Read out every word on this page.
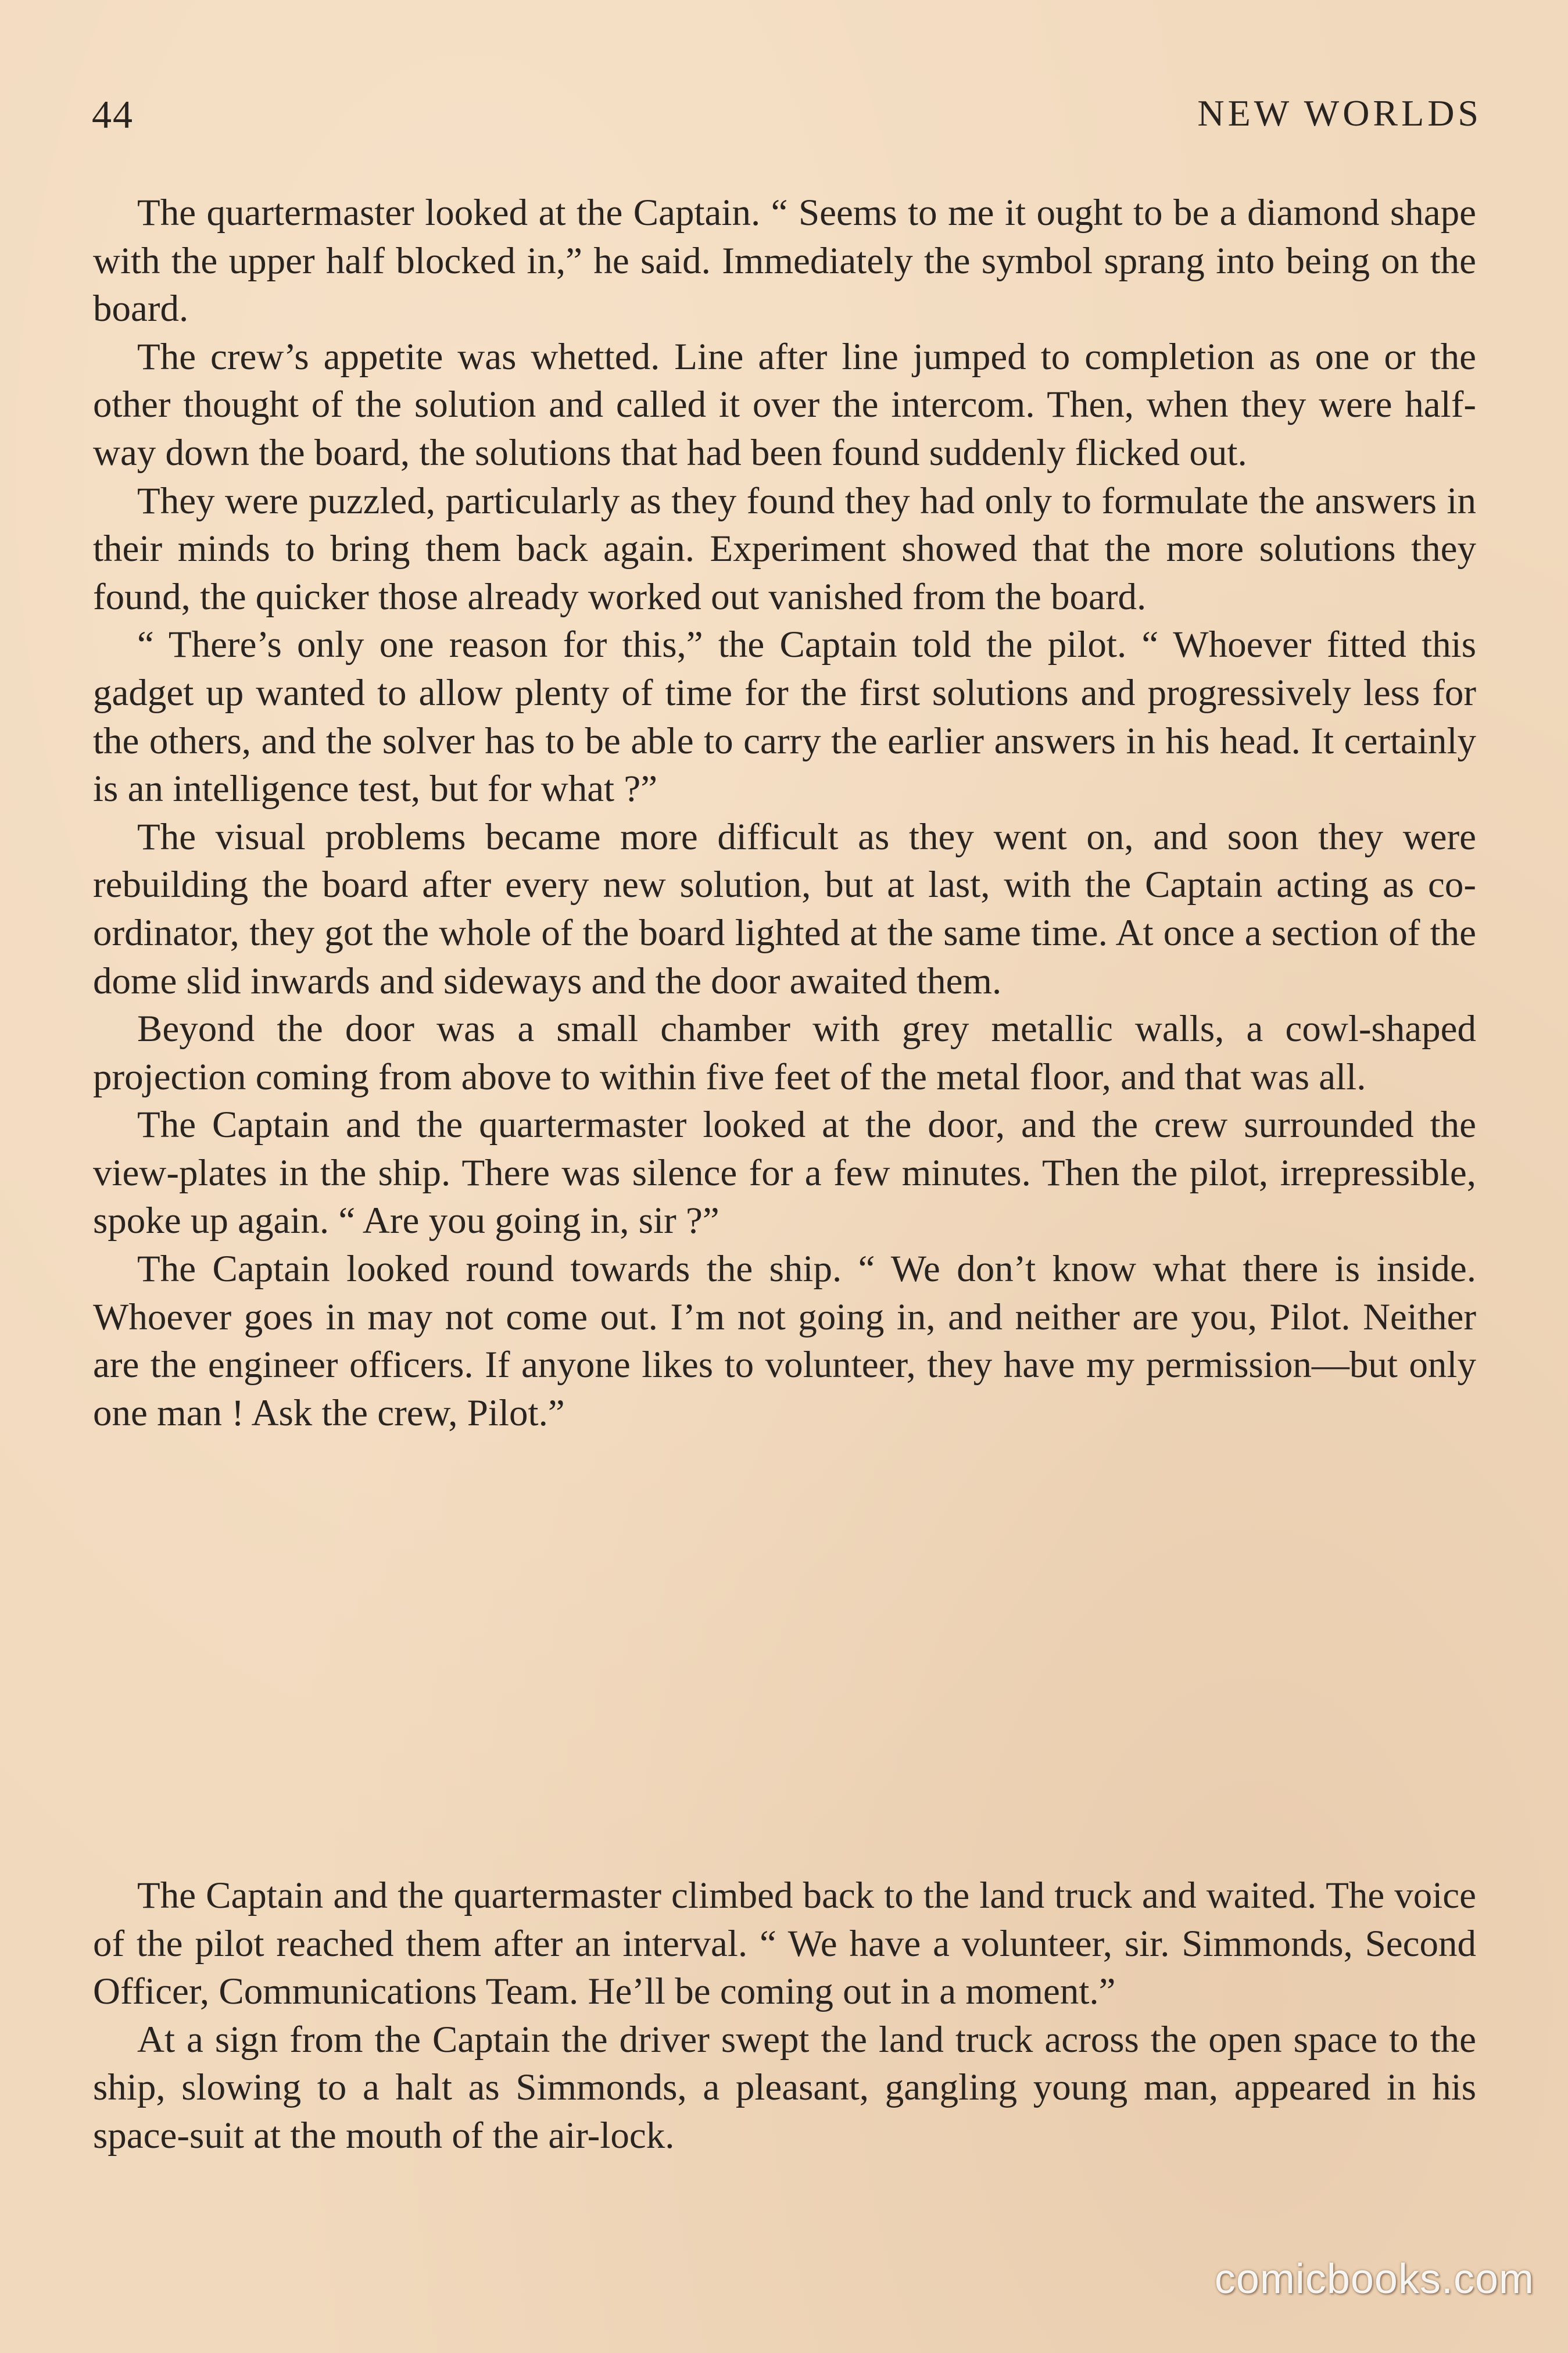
44	NEW WORLDS

The quartermaster looked at the Captain. “ Seems to me it ought to be a diamond shape with the upper half blocked in,” he said. Immediately the symbol sprang into being on the board.

The crew’s appetite was whetted. Line after line jumped to completion as one or the other thought of the solution and called it over the intercom. Then, when they were half-way down the board, the solutions that had been found suddenly flicked out.

They were puzzled, particularly as they found they had only to formulate the answers in their minds to bring them back again. Experiment showed that the more solutions they found, the quicker those already worked out vanished from the board.

“ There’s only one reason for this,” the Captain told the pilot. “ Whoever fitted this gadget up wanted to allow plenty of time for the first solutions and progressively less for the others, and the solver has to be able to carry the earlier answers in his head. It certainly is an intelligence test, but for what ?”

The visual problems became more difficult as they went on, and soon they were rebuilding the board after every new solution, but at last, with the Captain acting as co-ordinator, they got the whole of the board lighted at the same time. At once a section of the dome slid inwards and sideways and the door awaited them.

Beyond the door was a small chamber with grey metallic walls, a cowl-shaped projection coming from above to within five feet of the metal floor, and that was all.

The Captain and the quartermaster looked at the door, and the crew surrounded the view-plates in the ship. There was silence for a few minutes. Then the pilot, irrepressible, spoke up again. “ Are you going in, sir ?”

The Captain looked round towards the ship. “ We don’t know what there is inside. Whoever goes in may not come out. I’m not going in, and neither are you, Pilot. Neither are the engineer officers. If anyone likes to volunteer, they have my permission—but only one man ! Ask the crew, Pilot.”

The Captain and the quartermaster climbed back to the land truck and waited. The voice of the pilot reached them after an interval. “ We have a volunteer, sir. Simmonds, Second Officer, Communications Team. He’ll be coming out in a moment.”

At a sign from the Captain the driver swept the land truck across the open space to the ship, slowing to a halt as Simmonds, a pleasant, gangling young man, appeared in his space-suit at the mouth of the air-lock.

comicbooks.com
